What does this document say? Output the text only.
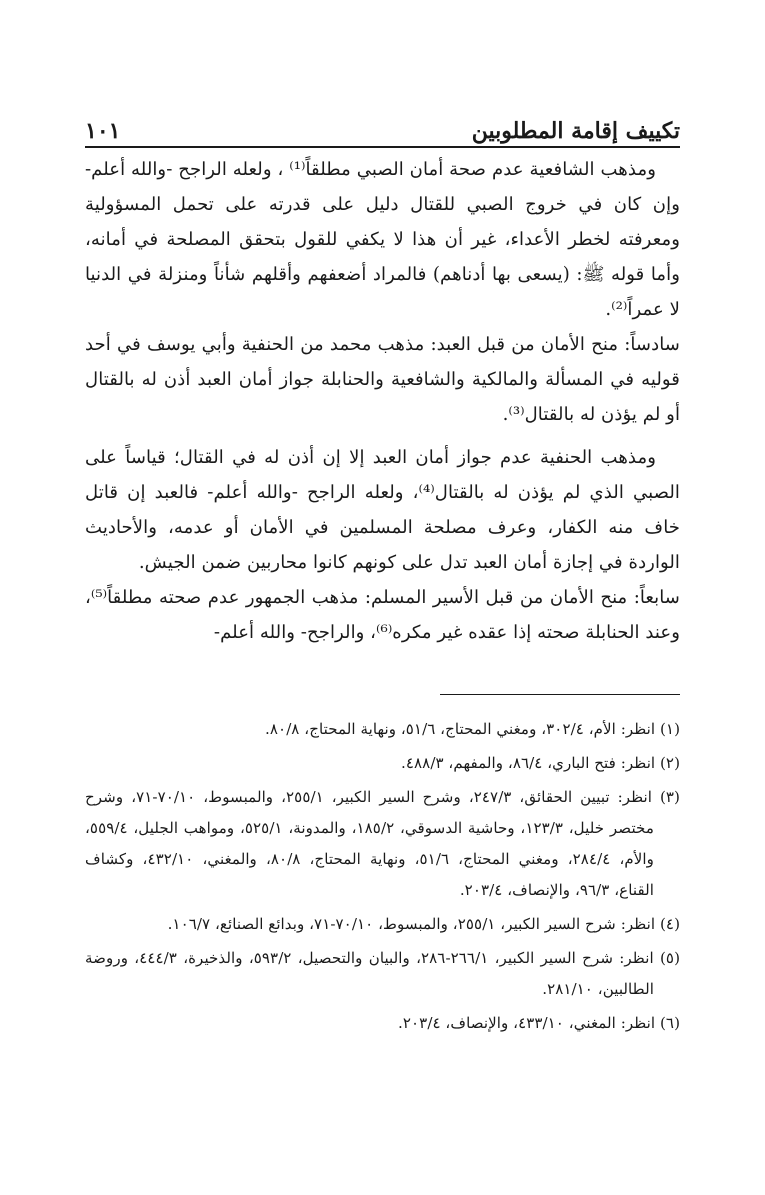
تكييف إقامة المطلوبين
١٠١

ومذهب الشافعية عدم صحة أمان الصبي مطلقاً⁽¹⁾ ، ولعله الراجح -والله أعلم- وإن كان في خروج الصبي للقتال دليل على قدرته على تحمل المسؤولية ومعرفته لخطر الأعداء، غير أن هذا لا يكفي للقول بتحقق المصلحة في أمانه، وأما قوله ﷺ: (يسعى بها أدناهم) فالمراد أضعفهم وأقلهم شأناً ومنزلة في الدنيا لا عمراً⁽²⁾.

سادساً: منح الأمان من قبل العبد: مذهب محمد من الحنفية وأبي يوسف في أحد قوليه في المسألة والمالكية والشافعية والحنابلة جواز أمان العبد أذن له بالقتال أو لم يؤذن له بالقتال⁽³⁾.

ومذهب الحنفية عدم جواز أمان العبد إلا إن أذن له في القتال؛ قياساً على الصبي الذي لم يؤذن له بالقتال⁽⁴⁾، ولعله الراجح -والله أعلم- فالعبد إن قاتل خاف منه الكفار، وعرف مصلحة المسلمين في الأمان أو عدمه، والأحاديث الواردة في إجازة أمان العبد تدل على كونهم كانوا محاربين ضمن الجيش.

سابعاً: منح الأمان من قبل الأسير المسلم: مذهب الجمهور عدم صحته مطلقاً⁽⁵⁾، وعند الحنابلة صحته إذا عقده غير مكره⁽⁶⁾، والراجح- والله أعلم-

(١) انظر: الأم، ٣٠٢/٤، ومغني المحتاج، ٥١/٦، ونهاية المحتاج، ٨٠/٨.

(٢) انظر: فتح الباري، ٨٦/٤، والمفهم، ٤٨٨/٣.

(٣) انظر: تبيين الحقائق، ٢٤٧/٣، وشرح السير الكبير، ٢٥٥/١، والمبسوط، ٧٠/١٠-٧١، وشرح مختصر خليل، ١٢٣/٣، وحاشية الدسوقي، ١٨٥/٢، والمدونة، ٥٢٥/١، ومواهب الجليل، ٥٥٩/٤، والأم، ٢٨٤/٤، ومغني المحتاج، ٥١/٦، ونهاية المحتاج، ٨٠/٨، والمغني، ٤٣٢/١٠، وكشاف القناع، ٩٦/٣، والإنصاف، ٢٠٣/٤.

(٤) انظر: شرح السير الكبير، ٢٥٥/١، والمبسوط، ٧٠/١٠-٧١، وبدائع الصنائع، ١٠٦/٧.

(٥) انظر: شرح السير الكبير، ٢٦٦/١-٢٨٦، والبيان والتحصيل، ٥٩٣/٢، والذخيرة، ٤٤٤/٣، وروضة الطالبين، ٢٨١/١٠.

(٦) انظر: المغني، ٤٣٣/١٠، والإنصاف، ٢٠٣/٤.
